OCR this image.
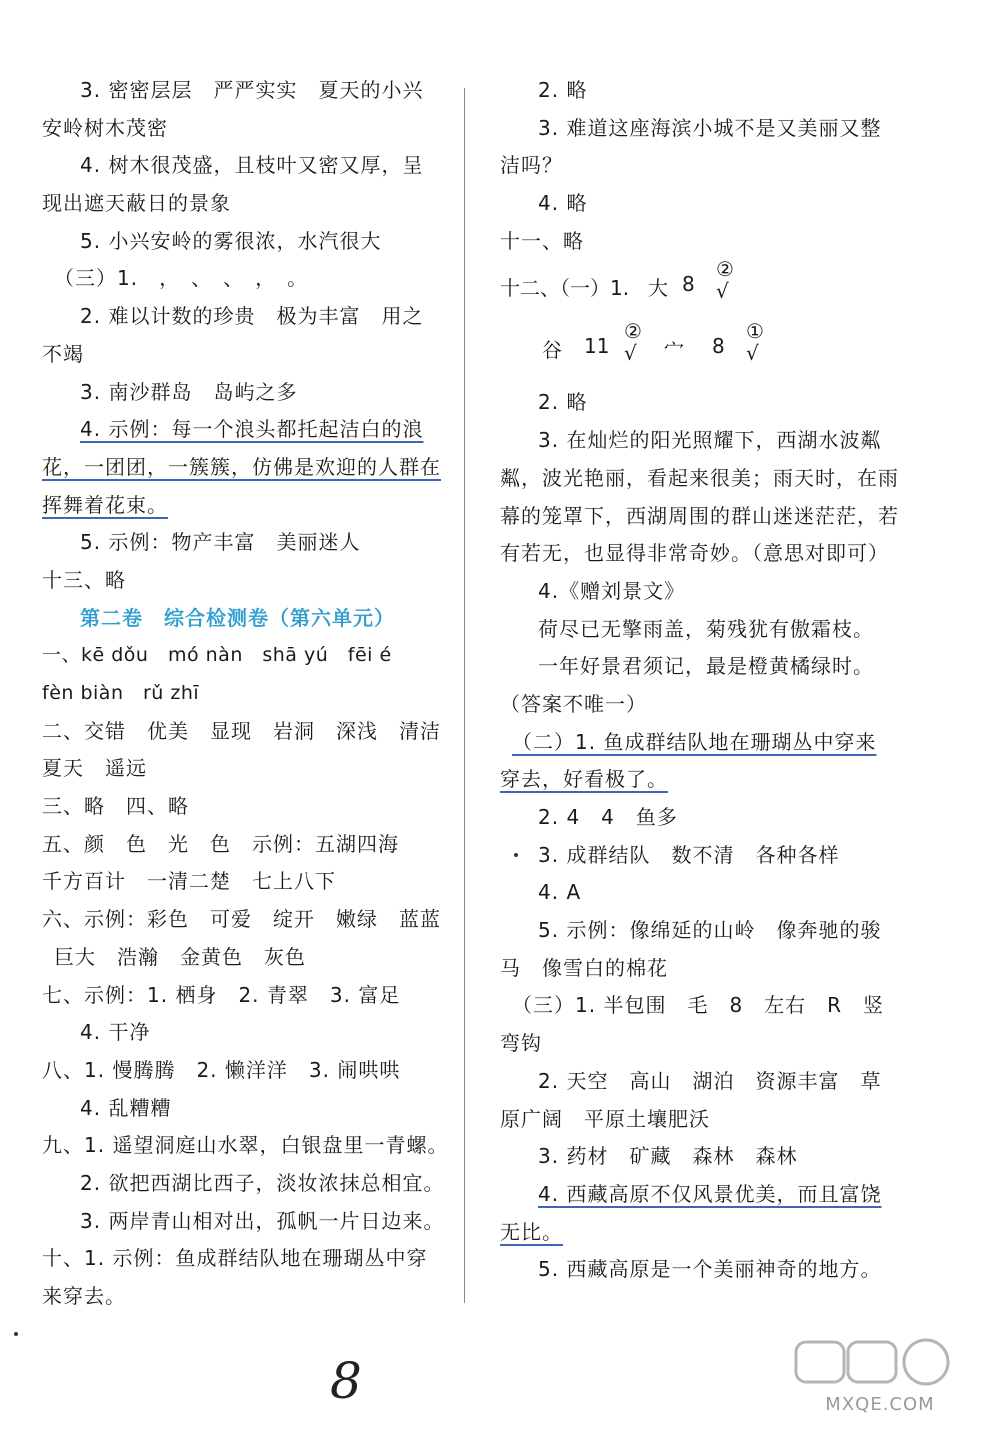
3. 密密层层　严严实实　夏天的小兴
安岭树木茂密
4. 树木很茂盛，且枝叶又密又厚，呈
现出遮天蔽日的景象
5. 小兴安岭的雾很浓，水汽很大
（三）1.　，　、　、　，　。
2. 难以计数的珍贵　极为丰富　用之
不竭
3. 南沙群岛　岛屿之多
4. 示例：每一个浪头都托起洁白的浪
花，一团团，一簇簇，仿佛是欢迎的人群在
挥舞着花束。
5. 示例：物产丰富　美丽迷人
十三、略
第二卷　综合检测卷（第六单元）
一、kē dǒu　mó nàn　shā yú　fēi é
fèn biàn　rǔ zhī
二、交错　优美　显现　岩洞　深浅　清洁
夏天　遥远
三、略　四、略
五、颜　色　光　色　示例：五湖四海
千方百计　一清二楚　七上八下
六、示例：彩色　可爱　绽开　嫩绿　蓝蓝
巨大　浩瀚　金黄色　灰色
七、示例：1. 栖身　2. 青翠　3. 富足
4. 干净
八、1. 慢腾腾　2. 懒洋洋　3. 闹哄哄
4. 乱糟糟
九、1. 遥望洞庭山水翠，白银盘里一青螺。
2. 欲把西湖比西子，淡妆浓抹总相宜。
3. 两岸青山相对出，孤帆一片日边来。
十、1. 示例：鱼成群结队地在珊瑚丛中穿
来穿去。
2. 略
3. 难道这座海滨小城不是又美丽又整
洁吗？
4. 略
十一、略
十二、（一）1. 大 8
②
√
谷 11
②
√ 宀 8
①
√
2. 略
3. 在灿烂的阳光照耀下，西湖水波粼
粼，波光艳丽，看起来很美；雨天时，在雨
幕的笼罩下，西湖周围的群山迷迷茫茫，若
有若无，也显得非常奇妙。（意思对即可）
4.《赠刘景文》
荷尽已无擎雨盖，菊残犹有傲霜枝。
一年好景君须记，最是橙黄橘绿时。
（答案不唯一）
（二）1. 鱼成群结队地在珊瑚丛中穿来
穿去，好看极了。
2. 4　4　鱼多
3. 成群结队　数不清　各种各样
4. A
5. 示例：像绵延的山岭　像奔驰的骏
马　像雪白的棉花
（三）1. 半包围　毛　8　左右　R　竖
弯钩
2. 天空　高山　湖泊　资源丰富　草
原广阔　平原土壤肥沃
3. 药材　矿藏　森林　森林
4. 西藏高原不仅风景优美，而且富饶
无比。
5. 西藏高原是一个美丽神奇的地方。
8	MXQE.COM
